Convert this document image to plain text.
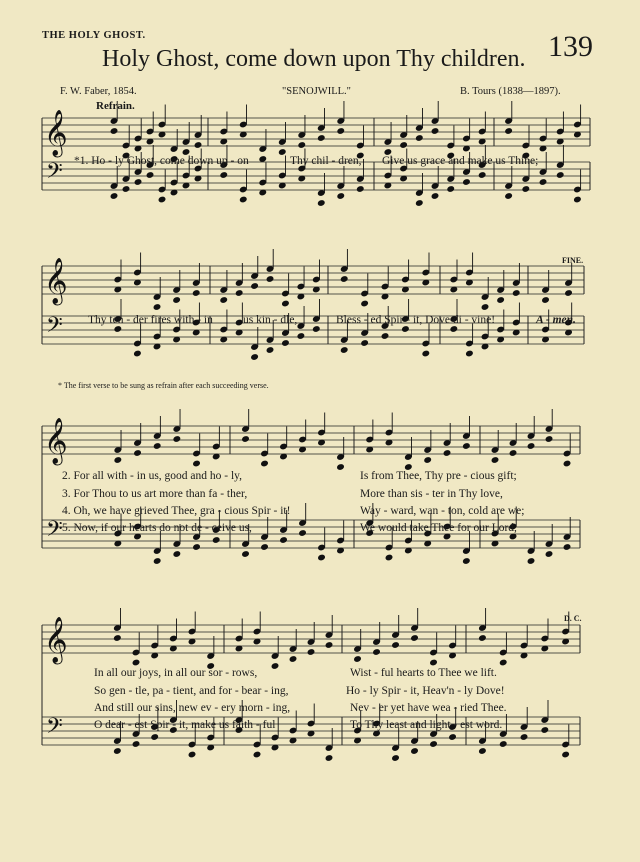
THE HOLY GHOST.
Holy Ghost, come down upon Thy children. 139
F. W. Faber, 1854.	"SENOJWILL."	B. Tours (1838—1897).
Refrain.
𝄞
𝄢
𝄞
𝄢
𝄞
𝄢
𝄞
𝄢
*1. Ho - ly Ghost, come down up - on	Thy chil - dren, Give us grace and make us Thine;
FINE.
Thy ten - der fires with - in	us kin - dle,	Bless - ed Spir - it, Dove di - vine!	A - men.
* The first verse to be sung as refrain after each succeeding verse.
2. For all with - in us, good and ho - ly,	Is from Thee, Thy pre - cious gift;
3. For Thou to us art more than fa - ther,	More than sis - ter in Thy love,
4. Oh, we have grieved Thee, gra - cious Spir - it!	Way - ward, wan - ton, cold are we;
5. Now, if our hearts do not de - ceive us,	We would take Thee for our Lord,
D. C.
In all our joys, in all our sor - rows,	Wist - ful hearts to Thee we lift.
So gen - tle, pa - tient, and for - bear - ing,	Ho - ly Spir - it, Heav'n - ly Dove!
And still our sins, new ev - ery morn - ing,	Nev - er yet have wea - ried Thee.
O dear - est Spir - it, make us faith - ful	To Thy least and light - est word.
